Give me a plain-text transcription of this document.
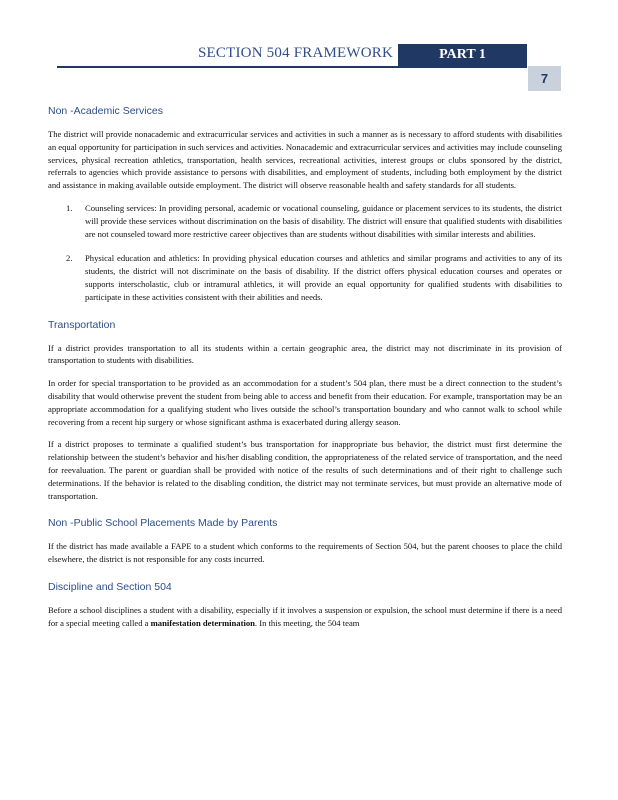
SECTION 504 FRAMEWORK	PART 1
7
Non -Academic Services

The district will provide nonacademic and extracurricular services and activities in such a manner as is necessary to afford students with disabilities an equal opportunity for participation in such services and activities. Nonacademic and extracurricular services and activities may include counseling services, physical recreation athletics, transportation, health services, recreational activities, interest groups or clubs sponsored by the district, referrals to agencies which provide assistance to persons with disabilities, and employment of students, including both employment by the district and assistance in making available outside employment. The district will observe reasonable health and safety standards for all students.

1. Counseling services: In providing personal, academic or vocational counseling, guidance or placement services to its students, the district will provide these services without discrimination on the basis of disability. The district will ensure that qualified students with disabilities are not counseled toward more restrictive career objectives than are students without disabilities with similar interests and abilities.
2. Physical education and athletics: In providing physical education courses and athletics and similar programs and activities to any of its students, the district will not discriminate on the basis of disability. If the district offers physical education courses and operates or supports interscholastic, club or intramural athletics, it will provide an equal opportunity for qualified students with disabilities to participate in these activities consistent with their abilities and needs.
Transportation

If a district provides transportation to all its students within a certain geographic area, the district may not discriminate in its provision of transportation to students with disabilities.

In order for special transportation to be provided as an accommodation for a student’s 504 plan, there must be a direct connection to the student’s disability that would otherwise prevent the student from being able to access and benefit from their education. For example, transportation may be an appropriate accommodation for a qualifying student who lives outside the school’s transportation boundary and who cannot walk to school while recovering from a recent hip surgery or whose significant asthma is exacerbated during allergy season.

If a district proposes to terminate a qualified student’s bus transportation for inappropriate bus behavior, the district must first determine the relationship between the student’s behavior and his/her disabling condition, the appropriateness of the related service of transportation, and the need for reevaluation. The parent or guardian shall be provided with notice of the results of such determinations and of their right to challenge such determinations. If the behavior is related to the disabling condition, the district may not terminate services, but must provide an alternative mode of transportation.

Non -Public School Placements Made by Parents

If the district has made available a FAPE to a student which conforms to the requirements of Section 504, but the parent chooses to place the child elsewhere, the district is not responsible for any costs incurred.

Discipline and Section 504

Before a school disciplines a student with a disability, especially if it involves a suspension or expulsion, the school must determine if there is a need for a special meeting called a manifestation determination. In this meeting, the 504 team
